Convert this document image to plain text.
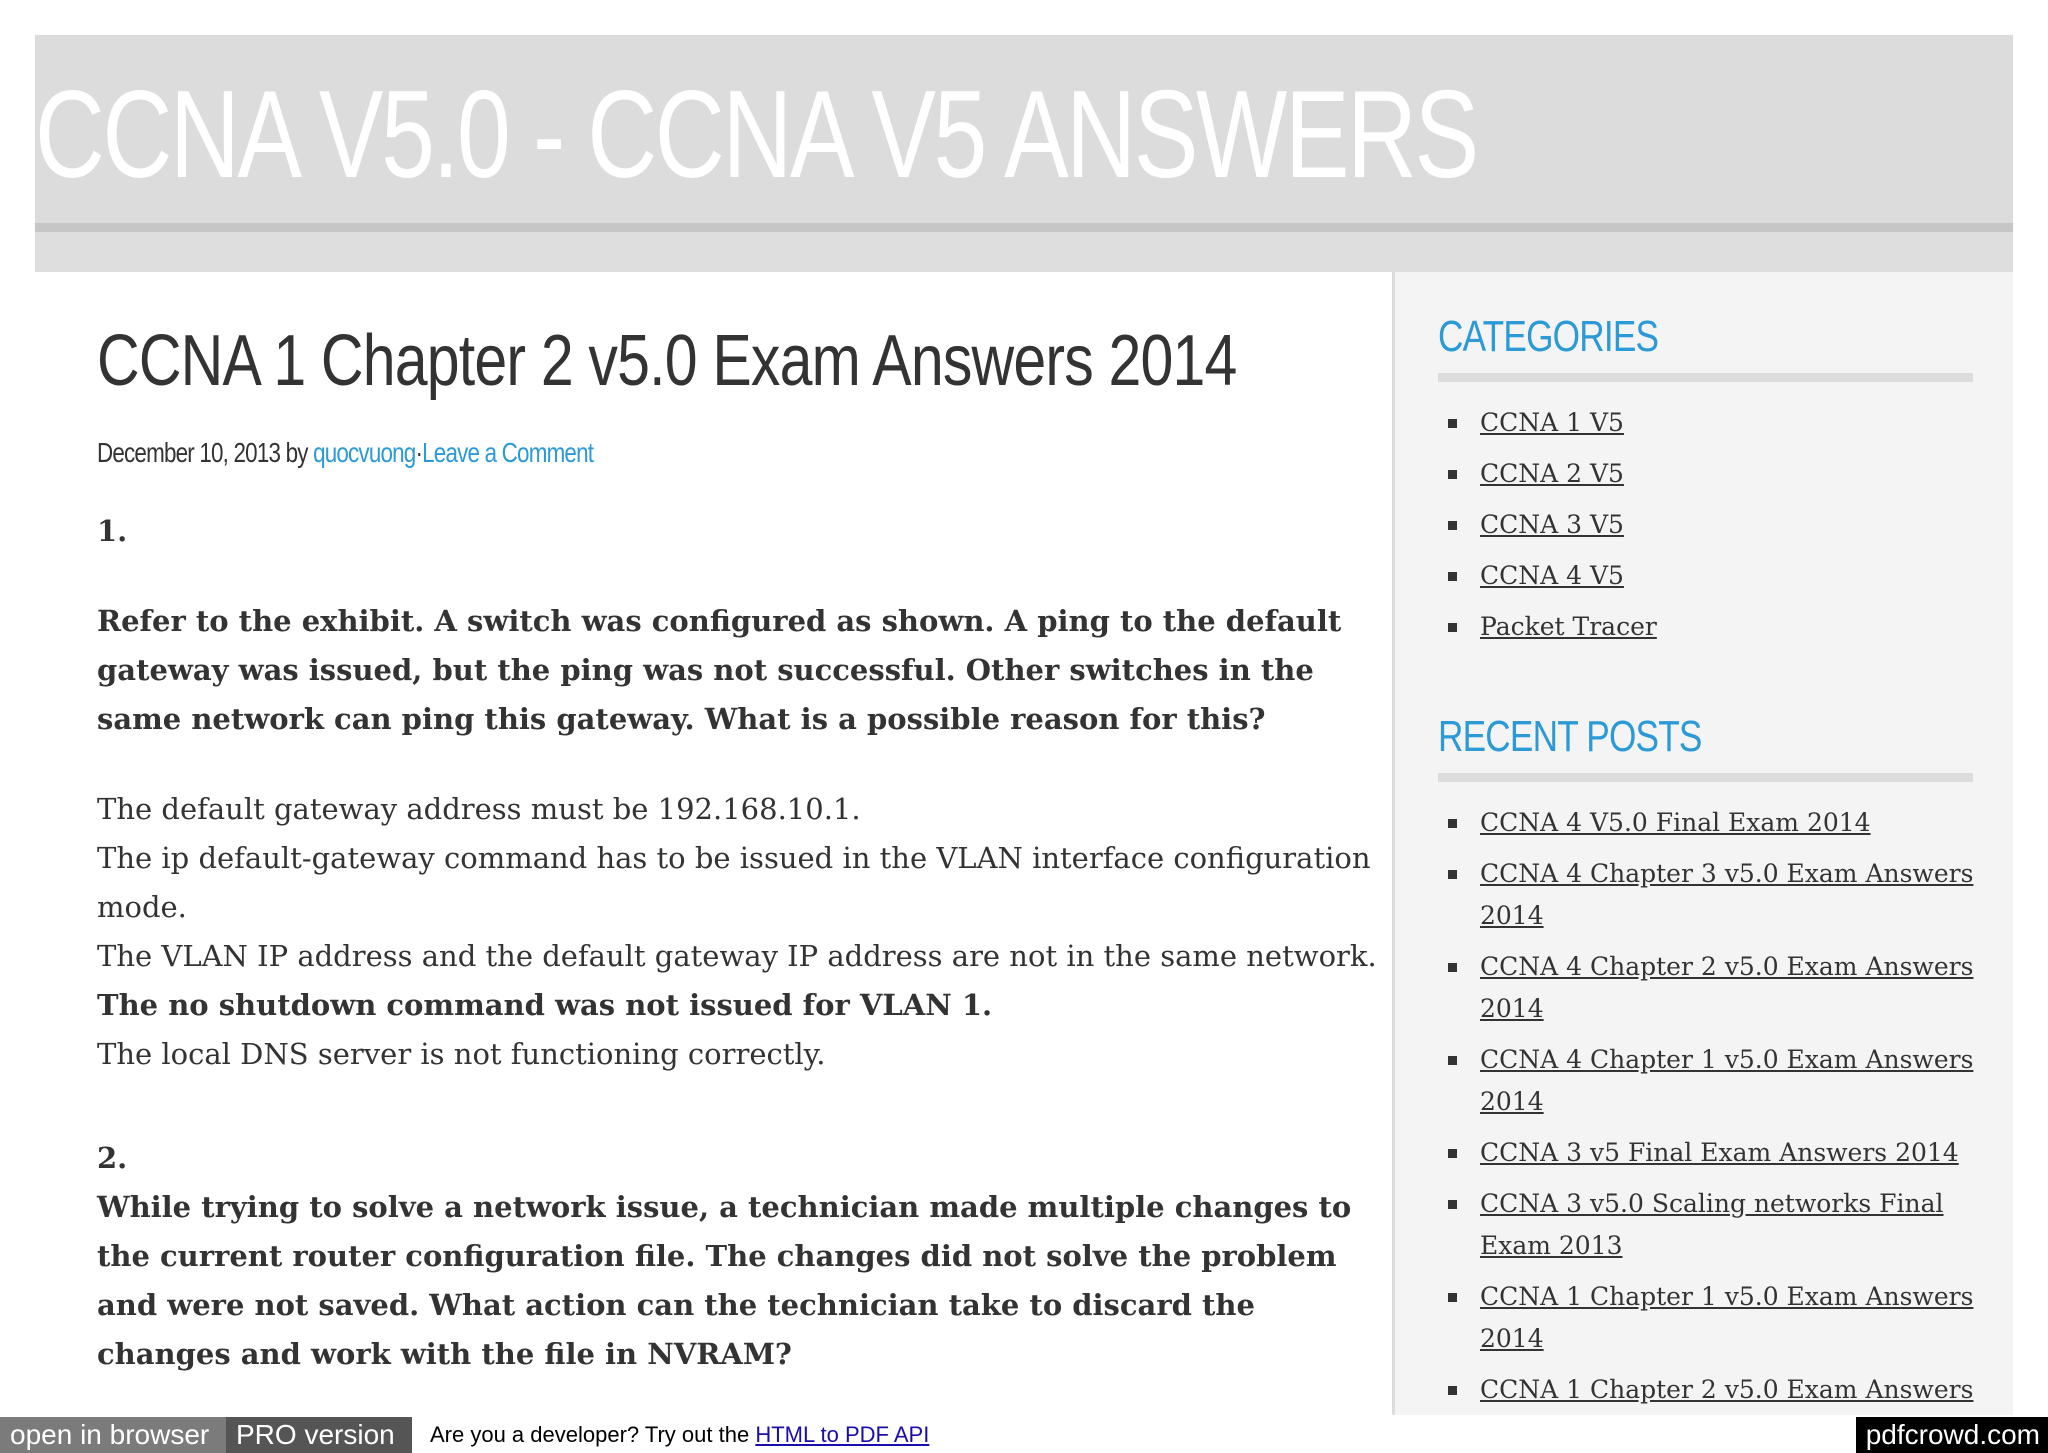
CCNA V5.0 - CCNA V5 ANSWERS
CCNA 1 Chapter 2 v5.0 Exam Answers 2014
December 10, 2013 by quocvuong·Leave a Comment
1.
Refer to the exhibit. A switch was configured as shown. A ping to the default gateway was issued, but the ping was not successful. Other switches in the same network can ping this gateway. What is a possible reason for this?
The default gateway address must be 192.168.10.1.
The ip default-gateway command has to be issued in the VLAN interface configuration mode.
The VLAN IP address and the default gateway IP address are not in the same network.
The no shutdown command was not issued for VLAN 1.
The local DNS server is not functioning correctly.
2.
While trying to solve a network issue, a technician made multiple changes to the current router configuration file. The changes did not solve the problem and were not saved. What action can the technician take to discard the changes and work with the file in NVRAM?
CATEGORIES
CCNA 1 V5
CCNA 2 V5
CCNA 3 V5
CCNA 4 V5
Packet Tracer
RECENT POSTS
CCNA 4 V5.0 Final Exam 2014
CCNA 4 Chapter 3 v5.0 Exam Answers 2014
CCNA 4 Chapter 2 v5.0 Exam Answers 2014
CCNA 4 Chapter 1 v5.0 Exam Answers 2014
CCNA 3 v5 Final Exam Answers 2014
CCNA 3 v5.0 Scaling networks Final Exam 2013
CCNA 1 Chapter 1 v5.0 Exam Answers 2014
CCNA 1 Chapter 2 v5.0 Exam Answers
open in browser PRO version	Are you a developer? Try out the HTML to PDF API	pdfcrowd.com
